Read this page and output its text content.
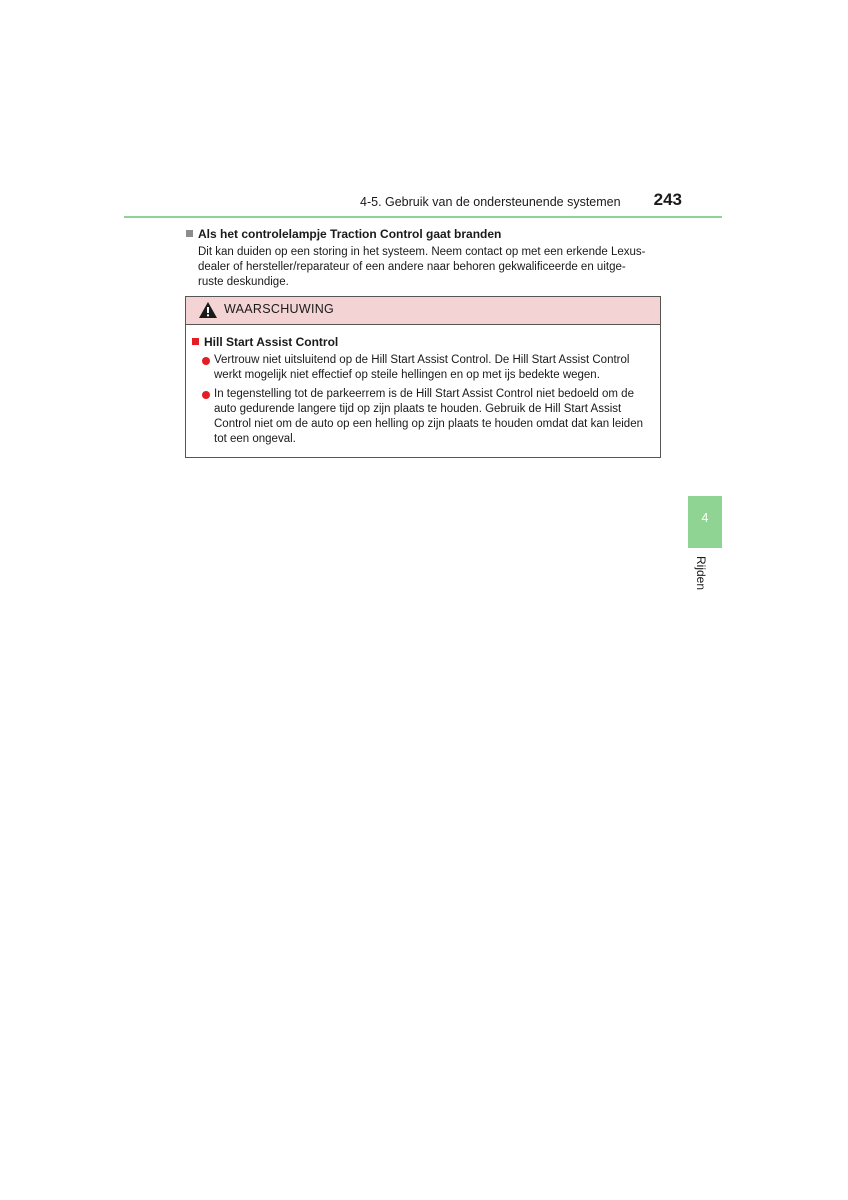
4-5. Gebruik van de ondersteunende systemen	243
Als het controlelampje Traction Control gaat branden
Dit kan duiden op een storing in het systeem. Neem contact op met een erkende Lexus-
dealer of hersteller/reparateur of een andere naar behoren gekwalificeerde en uitge-
ruste deskundige.
WAARSCHUWING
Hill Start Assist Control
Vertrouw niet uitsluitend op de Hill Start Assist Control. De Hill Start Assist Control
werkt mogelijk niet effectief op steile hellingen en op met ijs bedekte wegen.
In tegenstelling tot de parkeerrem is de Hill Start Assist Control niet bedoeld om de
auto gedurende langere tijd op zijn plaats te houden. Gebruik de Hill Start Assist
Control niet om de auto op een helling op zijn plaats te houden omdat dat kan leiden
tot een ongeval.
4
Rijden
